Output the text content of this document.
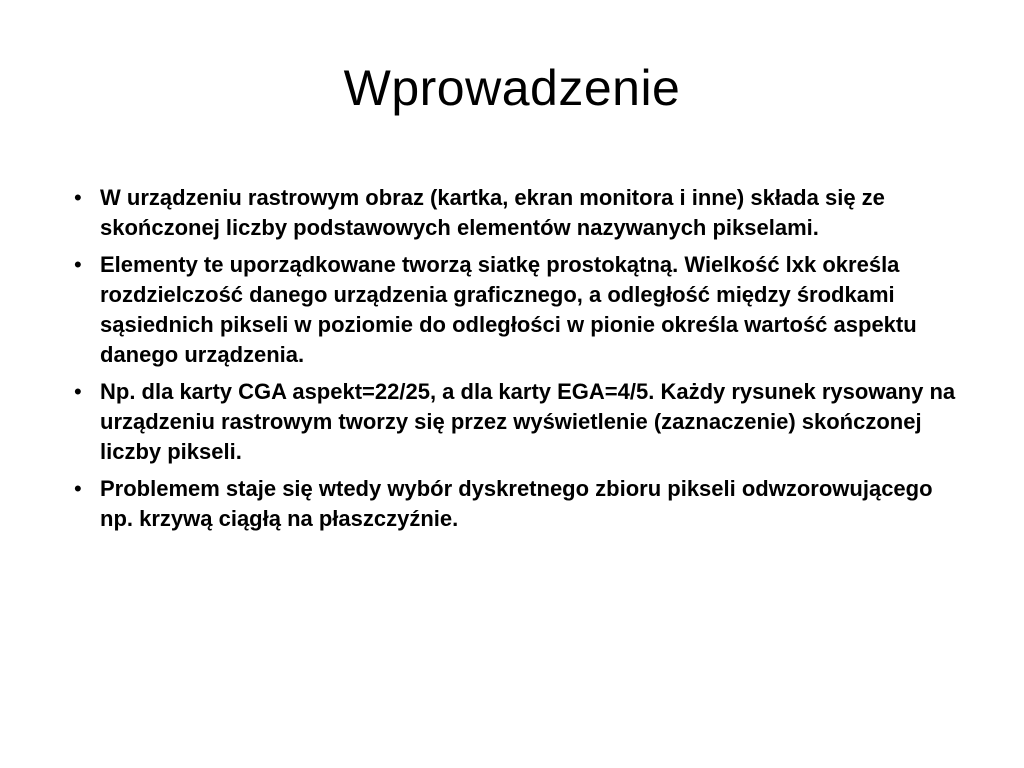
Wprowadzenie
• W urządzeniu rastrowym obraz (kartka, ekran monitora i inne) składa się ze skończonej liczby podstawowych elementów nazywanych pikselami.
• Elementy te uporządkowane tworzą siatkę prostokątną. Wielkość lxk określa rozdzielczość danego urządzenia graficznego, a odległość między środkami sąsiednich pikseli w poziomie do odległości w pionie określa wartość aspektu danego urządzenia.
• Np. dla karty CGA aspekt=22/25, a dla karty EGA=4/5. Każdy rysunek rysowany na urządzeniu rastrowym tworzy się przez wyświetlenie (zaznaczenie) skończonej liczby pikseli.
• Problemem staje się wtedy wybór dyskretnego zbioru pikseli odwzorowującego np. krzywą ciągłą na płaszczyźnie.
